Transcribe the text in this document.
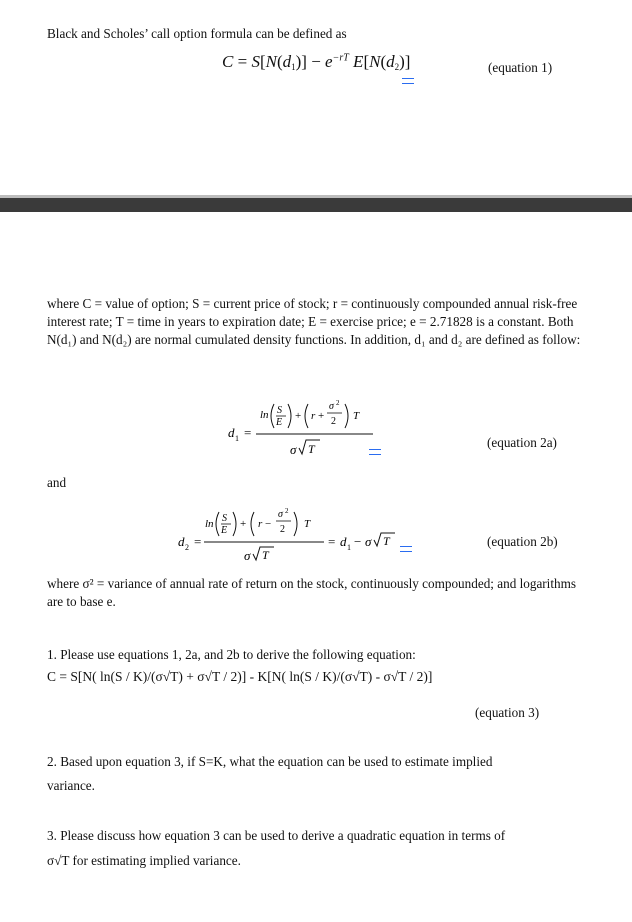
Black and Scholes’ call option formula can be defined as
$C = S[N(d_1)] - e^{-rT}$ $E[N(d_2)]$	(equation 1)
where C = value of option; S = current price of stock; r = continuously compounded annual risk-free interest rate; T = time in years to expiration date; E = exercise price; e = 2.71828 is a constant. Both N(d₁) and N(d₂) are normal cumulated density functions. In addition, d₁ and d₂ are defined as follow:
d 1 =
ln S
E
+ r +
σ 2
2 T
σ T	(equation 2a)
and
d 2 =
ln S
E
+ r −
σ 2
2 T
σ T
= d 1 − σ T	(equation 2b)
where σ² = variance of annual rate of return on the stock, continuously compounded; and logarithms are to base e.
1. Please use equations 1, 2a, and 2b to derive the following equation:
C = S[N( ln(S / K)/(σ√T) + σ√T / 2)] - K[N( ln(S / K)/(σ√T) - σ√T / 2)]
(equation 3)
2. Based upon equation 3, if S=K, what the equation can be used to estimate implied
variance.
3. Please discuss how equation 3 can be used to derive a quadratic equation in terms of
σ√T for estimating implied variance.
